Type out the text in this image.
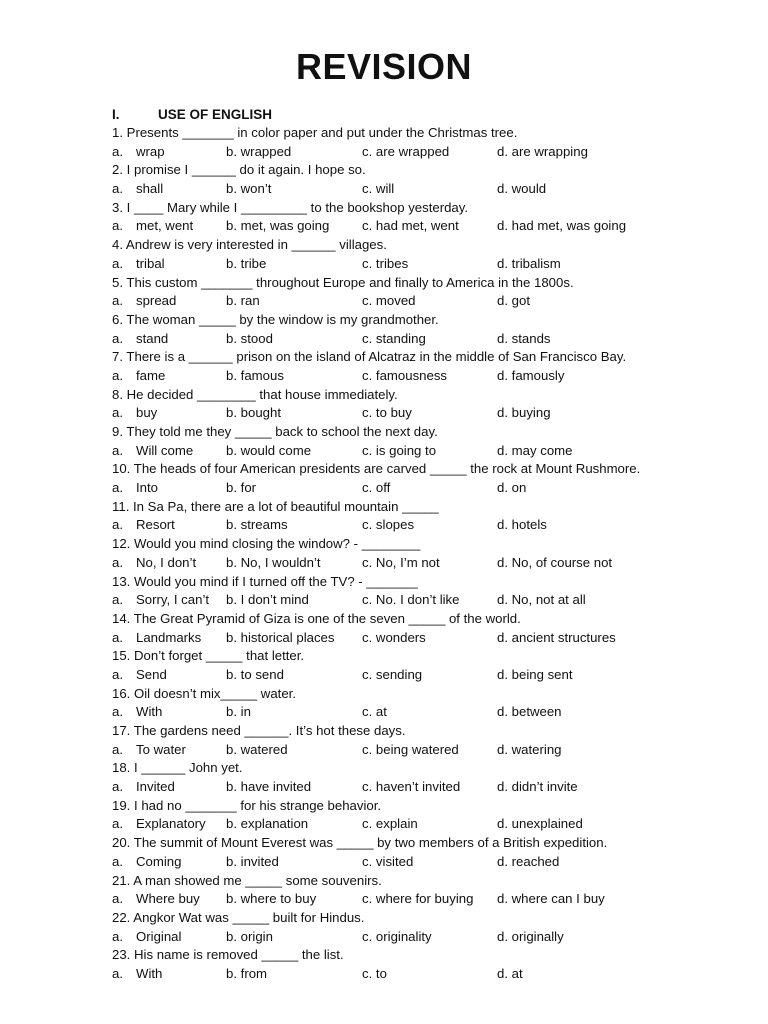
REVISION
I.	USE OF ENGLISH
1. Presents _______ in color paper and put under the Christmas tree.
a. wrap	b. wrapped	c. are wrapped	d. are wrapping
2. I promise I ______ do it again. I hope so.
a. shall	b. won’t	c. will	d. would
3. I ____ Mary while I _________ to the bookshop yesterday.
a. met, went b. met, was going c. had met, went	d. had met, was going
4. Andrew is very interested in ______ villages.
a. tribal	b. tribe	c. tribes	d. tribalism
5. This custom _______ throughout Europe and finally to America in the 1800s.
a. spread	b. ran	c. moved	d. got
6. The woman _____ by the window is my grandmother.
a. stand	b. stood	c. standing	d. stands
7. There is a ______ prison on the island of Alcatraz in the middle of San Francisco Bay.
a. fame	b. famous	c. famousness	d. famously
8. He decided ________ that house immediately.
a. buy	b. bought	c. to buy	d. buying
9. They told me they _____ back to school the next day.
a. Will come b. would come	c. is going to	d. may come
10. The heads of four American presidents are carved _____ the rock at Mount Rushmore.
a. Into	b. for	c. off	d. on
11. In Sa Pa, there are a lot of beautiful mountain _____
a. Resort	b. streams	c. slopes	d. hotels
12. Would you mind closing the window? - ________
a. No, I don’t b. No, I wouldn’t	c. No, I’m not	d. No, of course not
13. Would you mind if I turned off the TV? - _______
a. Sorry, I can’t b. I don’t mind	c. No. I don’t like	d. No, not at all
14. The Great Pyramid of Giza is one of the seven _____ of the world.
a. Landmarks b. historical places c. wonders	d. ancient structures
15. Don’t forget _____ that letter.
a. Send	b. to send	c. sending	d. being sent
16. Oil doesn’t mix_____ water.
a. With	b. in	c. at	d. between
17. The gardens need ______. It’s hot these days.
a. To water	b. watered	c. being watered	d. watering
18. I ______ John yet.
a. Invited	b. have invited	c. haven’t invited	d. didn’t invite
19. I had no _______ for his strange behavior.
a. Explanatory b. explanation	c. explain	d. unexplained
20. The summit of Mount Everest was _____ by two members of a British expedition.
a. Coming	b. invited	c. visited	d. reached
21. A man showed me _____ some souvenirs.
a. Where buy b. where to buy	c. where for buying d. where can I buy
22. Angkor Wat was _____ built for Hindus.
a. Original	b. origin	c. originality	d. originally
23. His name is removed _____ the list.
a. With	b. from	c. to	d. at
